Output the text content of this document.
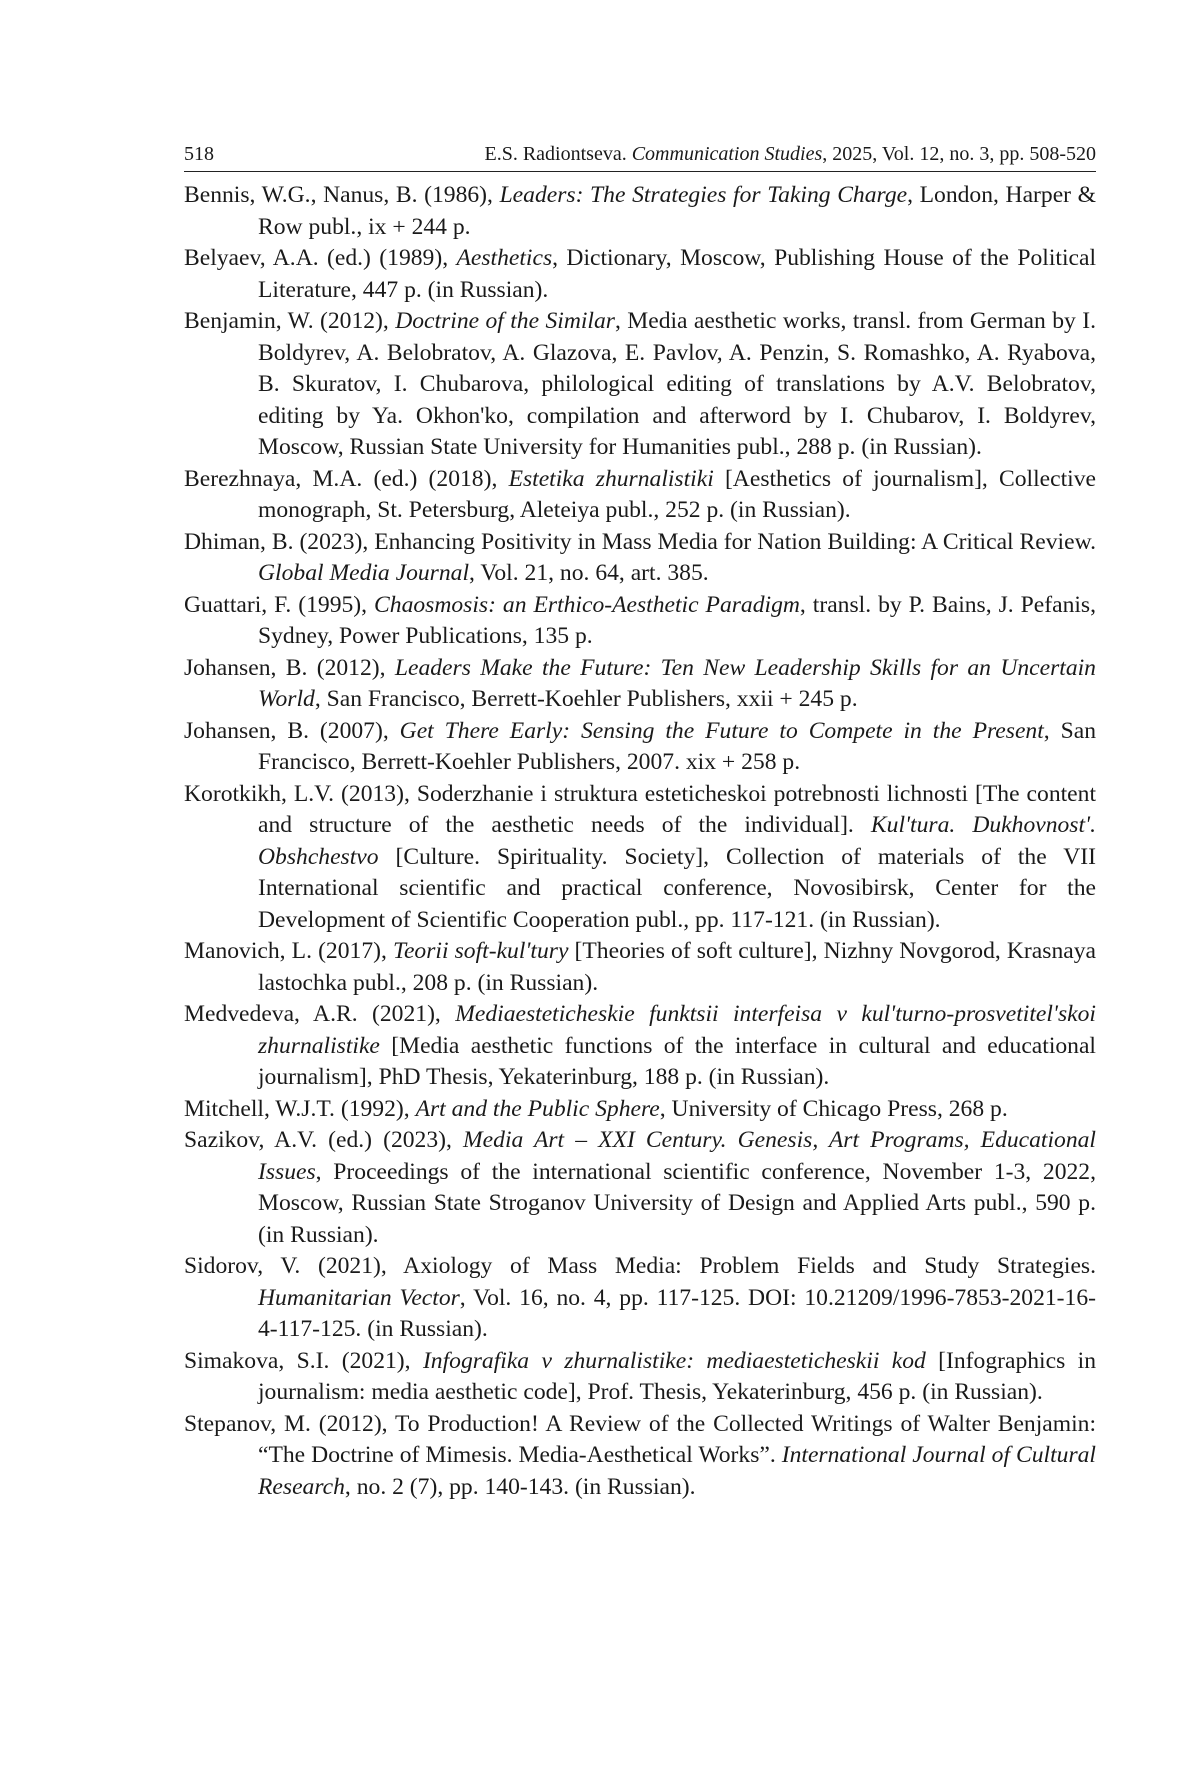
518	E.S. Radiontseva. Communication Studies, 2025, Vol. 12, no. 3, pp. 508-520
Bennis, W.G., Nanus, B. (1986), Leaders: The Strategies for Taking Charge, London, Harper & Row publ., ix + 244 p.
Belyaev, A.A. (ed.) (1989), Aesthetics, Dictionary, Moscow, Publishing House of the Political Literature, 447 p. (in Russian).
Benjamin, W. (2012), Doctrine of the Similar, Media aesthetic works, transl. from German by I. Boldyrev, A. Belobratov, A. Glazova, E. Pavlov, A. Penzin, S. Romashko, A. Ryabova, B. Skuratov, I. Chubarova, philological editing of translations by A.V. Belobratov, editing by Ya. Okhon'ko, compilation and afterword by I. Chubarov, I. Boldyrev, Moscow, Russian State University for Humanities publ., 288 p. (in Russian).
Berezhnaya, M.A. (ed.) (2018), Estetika zhurnalistiki [Aesthetics of journalism], Collective monograph, St. Petersburg, Aleteiya publ., 252 p. (in Russian).
Dhiman, B. (2023), Enhancing Positivity in Mass Media for Nation Building: A Critical Review. Global Media Journal, Vol. 21, no. 64, art. 385.
Guattari, F. (1995), Chaosmosis: an Erthico-Aesthetic Paradigm, transl. by P. Bains, J. Pefanis, Sydney, Power Publications, 135 p.
Johansen, B. (2012), Leaders Make the Future: Ten New Leadership Skills for an Uncertain World, San Francisco, Berrett-Koehler Publishers, xxii + 245 p.
Johansen, B. (2007), Get There Early: Sensing the Future to Compete in the Present, San Francisco, Berrett-Koehler Publishers, 2007. xix + 258 p.
Korotkikh, L.V. (2013), Soderzhanie i struktura esteticheskoi potrebnosti lichnosti [The content and structure of the aesthetic needs of the individual]. Kul'tura. Dukhovnost'. Obshchestvo [Culture. Spirituality. Society], Collection of materials of the VII International scientific and practical conference, Novosibirsk, Center for the Development of Scientific Cooperation publ., pp. 117-121. (in Russian).
Manovich, L. (2017), Teorii soft-kul'tury [Theories of soft culture], Nizhny Novgorod, Krasnaya lastochka publ., 208 p. (in Russian).
Medvedeva, A.R. (2021), Mediaesteticheskie funktsii interfeisa v kul'turno-prosvetitel'skoi zhurnalistike [Media aesthetic functions of the interface in cultural and educational journalism], PhD Thesis, Yekaterinburg, 188 p. (in Russian).
Mitchell, W.J.T. (1992), Art and the Public Sphere, University of Chicago Press, 268 p.
Sazikov, A.V. (ed.) (2023), Media Art – XXI Century. Genesis, Art Programs, Educational Issues, Proceedings of the international scientific conference, November 1-3, 2022, Moscow, Russian State Stroganov University of Design and Applied Arts publ., 590 p. (in Russian).
Sidorov, V. (2021), Axiology of Mass Media: Problem Fields and Study Strategies. Humanitarian Vector, Vol. 16, no. 4, pp. 117-125. DOI: 10.21209/1996-7853-2021-16-4-117-125. (in Russian).
Simakova, S.I. (2021), Infografika v zhurnalistike: mediaesteticheskii kod [Infographics in journalism: media aesthetic code], Prof. Thesis, Yekaterinburg, 456 p. (in Russian).
Stepanov, M. (2012), To Production! A Review of the Collected Writings of Walter Benjamin: “The Doctrine of Mimesis. Media-Aesthetical Works”. International Journal of Cultural Research, no. 2 (7), pp. 140-143. (in Russian).
